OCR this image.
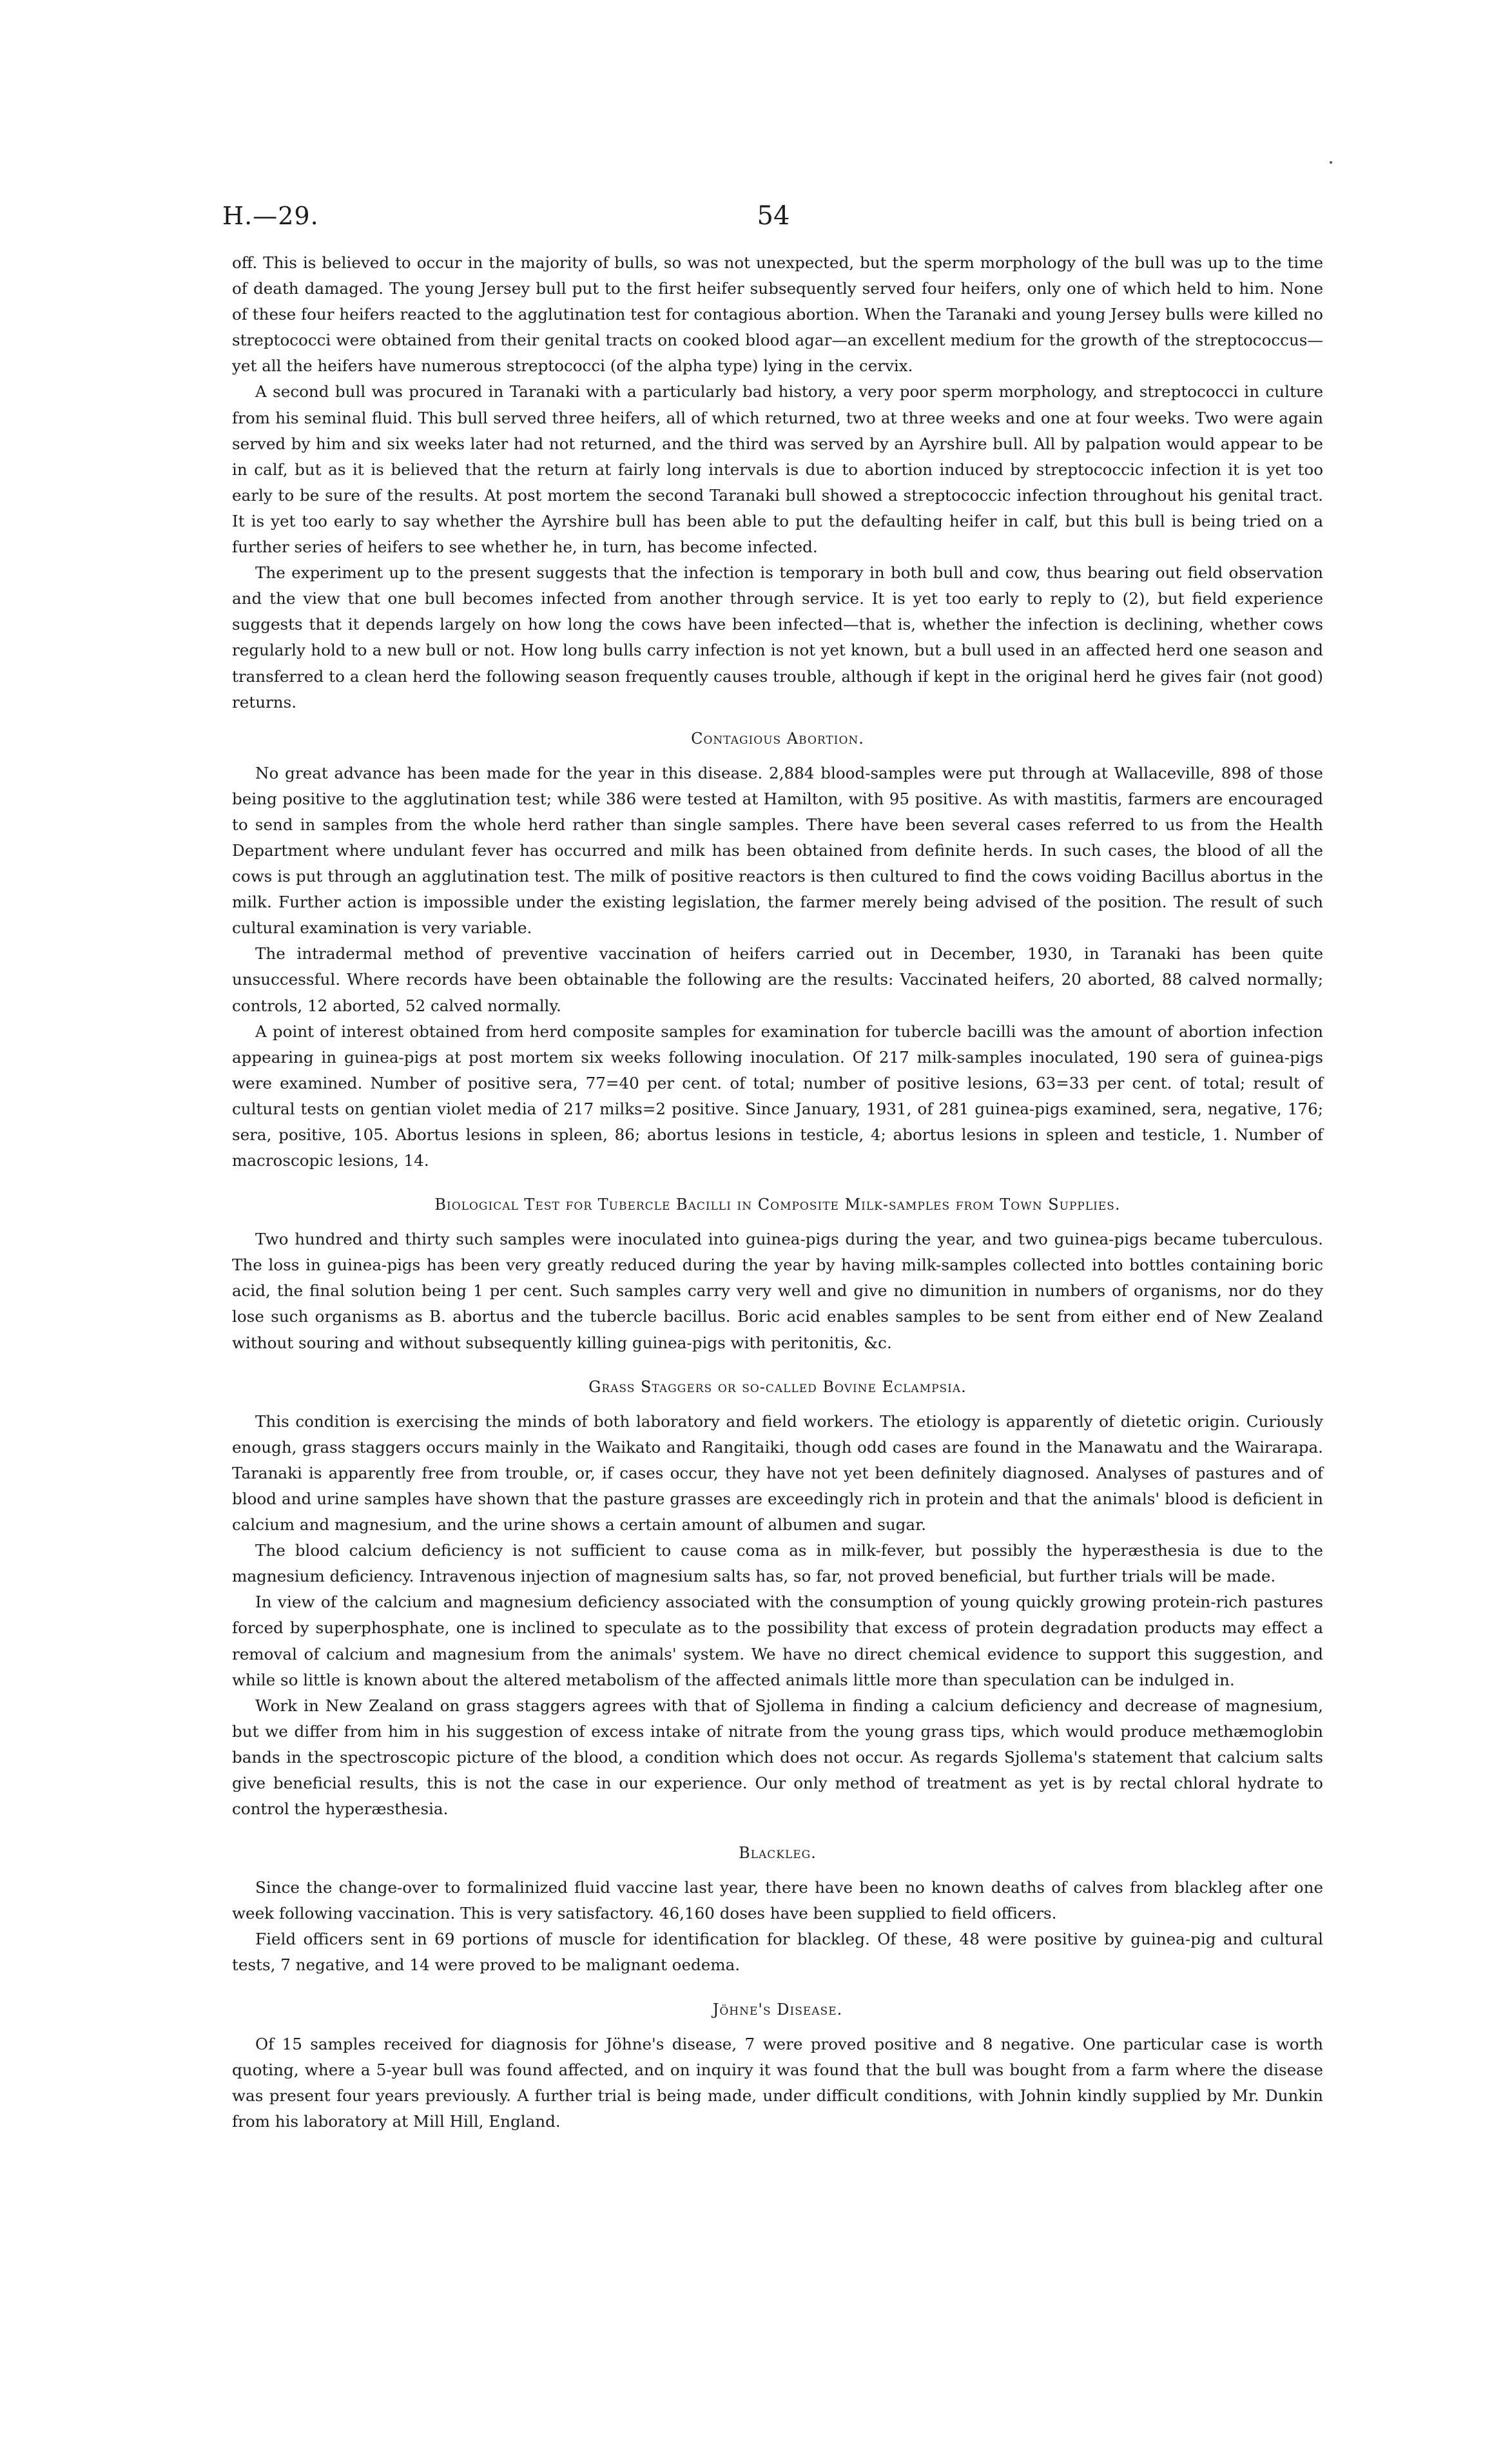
H.—29.	54

off. This is believed to occur in the majority of bulls, so was not unexpected, but the sperm morphology of the bull was up to the time of death damaged. The young Jersey bull put to the first heifer subsequently served four heifers, only one of which held to him. None of these four heifers reacted to the agglutination test for contagious abortion. When the Taranaki and young Jersey bulls were killed no streptococci were obtained from their genital tracts on cooked blood agar—an excellent medium for the growth of the streptococcus—yet all the heifers have numerous streptococci (of the alpha type) lying in the cervix.

A second bull was procured in Taranaki with a particularly bad history, a very poor sperm morphology, and streptococci in culture from his seminal fluid. This bull served three heifers, all of which returned, two at three weeks and one at four weeks. Two were again served by him and six weeks later had not returned, and the third was served by an Ayrshire bull. All by palpation would appear to be in calf, but as it is believed that the return at fairly long intervals is due to abortion induced by streptococcic infection it is yet too early to be sure of the results. At post mortem the second Taranaki bull showed a streptococcic infection throughout his genital tract. It is yet too early to say whether the Ayrshire bull has been able to put the defaulting heifer in calf, but this bull is being tried on a further series of heifers to see whether he, in turn, has become infected.

The experiment up to the present suggests that the infection is temporary in both bull and cow, thus bearing out field observation and the view that one bull becomes infected from another through service. It is yet too early to reply to (2), but field experience suggests that it depends largely on how long the cows have been infected—that is, whether the infection is declining, whether cows regularly hold to a new bull or not. How long bulls carry infection is not yet known, but a bull used in an affected herd one season and transferred to a clean herd the following season frequently causes trouble, although if kept in the original herd he gives fair (not good) returns.

Contagious Abortion.

No great advance has been made for the year in this disease. 2,884 blood-samples were put through at Wallaceville, 898 of those being positive to the agglutination test; while 386 were tested at Hamilton, with 95 positive. As with mastitis, farmers are encouraged to send in samples from the whole herd rather than single samples. There have been several cases referred to us from the Health Department where undulant fever has occurred and milk has been obtained from definite herds. In such cases, the blood of all the cows is put through an agglutination test. The milk of positive reactors is then cultured to find the cows voiding Bacillus abortus in the milk. Further action is impossible under the existing legislation, the farmer merely being advised of the position. The result of such cultural examination is very variable.

The intradermal method of preventive vaccination of heifers carried out in December, 1930, in Taranaki has been quite unsuccessful. Where records have been obtainable the following are the results: Vaccinated heifers, 20 aborted, 88 calved normally; controls, 12 aborted, 52 calved normally.

A point of interest obtained from herd composite samples for examination for tubercle bacilli was the amount of abortion infection appearing in guinea-pigs at post mortem six weeks following inoculation. Of 217 milk-samples inoculated, 190 sera of guinea-pigs were examined. Number of positive sera, 77=40 per cent. of total; number of positive lesions, 63=33 per cent. of total; result of cultural tests on gentian violet media of 217 milks=2 positive. Since January, 1931, of 281 guinea-pigs examined, sera, negative, 176; sera, positive, 105. Abortus lesions in spleen, 86; abortus lesions in testicle, 4; abortus lesions in spleen and testicle, 1. Number of macroscopic lesions, 14.

Biological Test for Tubercle Bacilli in Composite Milk-samples from Town Supplies.

Two hundred and thirty such samples were inoculated into guinea-pigs during the year, and two guinea-pigs became tuberculous. The loss in guinea-pigs has been very greatly reduced during the year by having milk-samples collected into bottles containing boric acid, the final solution being 1 per cent. Such samples carry very well and give no dimunition in numbers of organisms, nor do they lose such organisms as B. abortus and the tubercle bacillus. Boric acid enables samples to be sent from either end of New Zealand without souring and without subsequently killing guinea-pigs with peritonitis, &c.

Grass Staggers or so-called Bovine Eclampsia.

This condition is exercising the minds of both laboratory and field workers. The etiology is apparently of dietetic origin. Curiously enough, grass staggers occurs mainly in the Waikato and Rangitaiki, though odd cases are found in the Manawatu and the Wairarapa. Taranaki is apparently free from trouble, or, if cases occur, they have not yet been definitely diagnosed. Analyses of pastures and of blood and urine samples have shown that the pasture grasses are exceedingly rich in protein and that the animals' blood is deficient in calcium and magnesium, and the urine shows a certain amount of albumen and sugar.

The blood calcium deficiency is not sufficient to cause coma as in milk-fever, but possibly the hyperæsthesia is due to the magnesium deficiency. Intravenous injection of magnesium salts has, so far, not proved beneficial, but further trials will be made.

In view of the calcium and magnesium deficiency associated with the consumption of young quickly growing protein-rich pastures forced by superphosphate, one is inclined to speculate as to the possibility that excess of protein degradation products may effect a removal of calcium and magnesium from the animals' system. We have no direct chemical evidence to support this suggestion, and while so little is known about the altered metabolism of the affected animals little more than speculation can be indulged in.

Work in New Zealand on grass staggers agrees with that of Sjollema in finding a calcium deficiency and decrease of magnesium, but we differ from him in his suggestion of excess intake of nitrate from the young grass tips, which would produce methæmoglobin bands in the spectroscopic picture of the blood, a condition which does not occur. As regards Sjollema's statement that calcium salts give beneficial results, this is not the case in our experience. Our only method of treatment as yet is by rectal chloral hydrate to control the hyperæsthesia.

Blackleg.

Since the change-over to formalinized fluid vaccine last year, there have been no known deaths of calves from blackleg after one week following vaccination. This is very satisfactory. 46,160 doses have been supplied to field officers.

Field officers sent in 69 portions of muscle for identification for blackleg. Of these, 48 were positive by guinea-pig and cultural tests, 7 negative, and 14 were proved to be malignant oedema.

Jöhne's Disease.

Of 15 samples received for diagnosis for Jöhne's disease, 7 were proved positive and 8 negative. One particular case is worth quoting, where a 5-year bull was found affected, and on inquiry it was found that the bull was bought from a farm where the disease was present four years previously. A further trial is being made, under difficult conditions, with Johnin kindly supplied by Mr. Dunkin from his laboratory at Mill Hill, England.
